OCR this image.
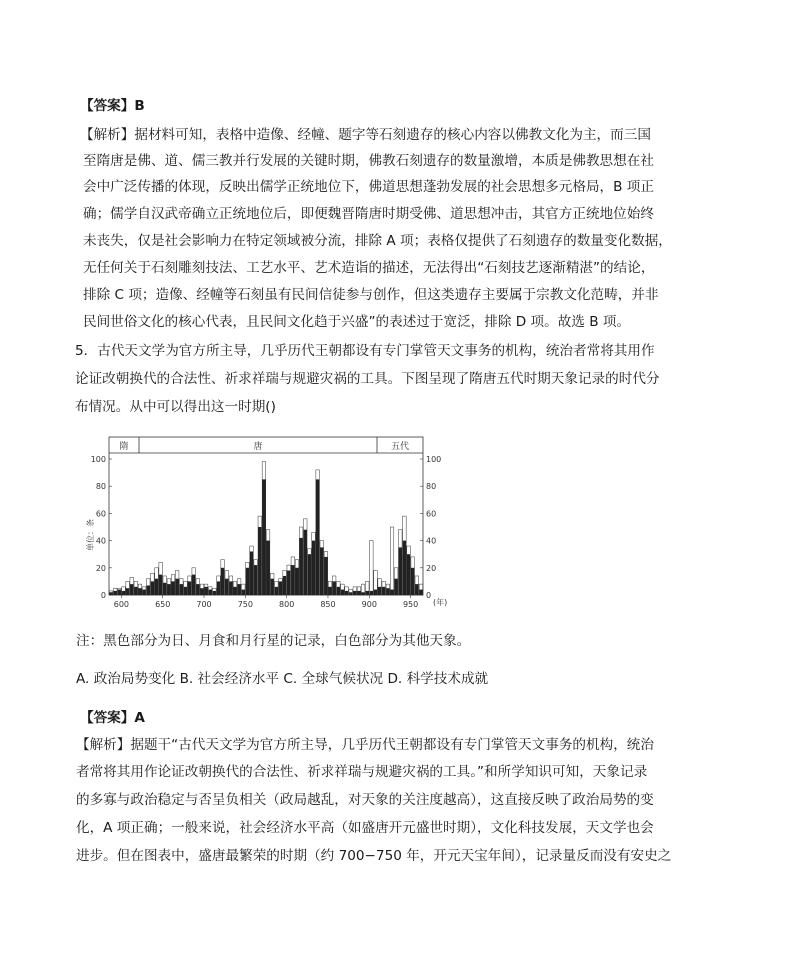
【答案】B
【解析】据材料可知，表格中造像、经幢、题字等石刻遗存的核心内容以佛教文化为主，而三国
至隋唐是佛、道、儒三教并行发展的关键时期，佛教石刻遗存的数量激增，本质是佛教思想在社
会中广泛传播的体现，反映出儒学正统地位下，佛道思想蓬勃发展的社会思想多元格局，B 项正
确；儒学自汉武帝确立正统地位后，即便魏晋隋唐时期受佛、道思想冲击，其官方正统地位始终
未丧失，仅是社会影响力在特定领域被分流，排除 A 项；表格仅提供了石刻遗存的数量变化数据，
无任何关于石刻雕刻技法、工艺水平、艺术造诣的描述，无法得出“石刻技艺逐渐精湛”的结论，
排除 C 项；造像、经幢等石刻虽有民间信徒参与创作，但这类遗存主要属于宗教文化范畴，并非
民间世俗文化的核心代表，且民间文化趋于兴盛”的表述过于宽泛，排除 D 项。故选 B 项。
5．古代天文学为官方所主导，几乎历代王朝都设有专门掌管天文事务的机构，统治者常将其用作
论证改朝换代的合法性、祈求祥瑞与规避灾祸的工具。下图呈现了隋唐五代时期天象记录的时代分
布情况。从中可以得出这一时期()
隋	唐	五代
单位：条
(年)
0	0
20	20
40	40
60	60
80	80
100	100
600	650	700	750	800	850	900	950
注：黑色部分为日、月食和月行星的记录，白色部分为其他天象。
A. 政治局势变化 B. 社会经济水平 C. 全球气候状况 D. 科学技术成就
【答案】A
【解析】据题干“古代天文学为官方所主导，几乎历代王朝都设有专门掌管天文事务的机构，统治
者常将其用作论证改朝换代的合法性、祈求祥瑞与规避灾祸的工具。”和所学知识可知，天象记录
的多寡与政治稳定与否呈负相关（政局越乱，对天象的关注度越高），这直接反映了政治局势的变
化，A 项正确；一般来说，社会经济水平高（如盛唐开元盛世时期），文化科技发展，天文学也会
进步。但在图表中，盛唐最繁荣的时期（约 700−750 年，开元天宝年间），记录量反而没有安史之
